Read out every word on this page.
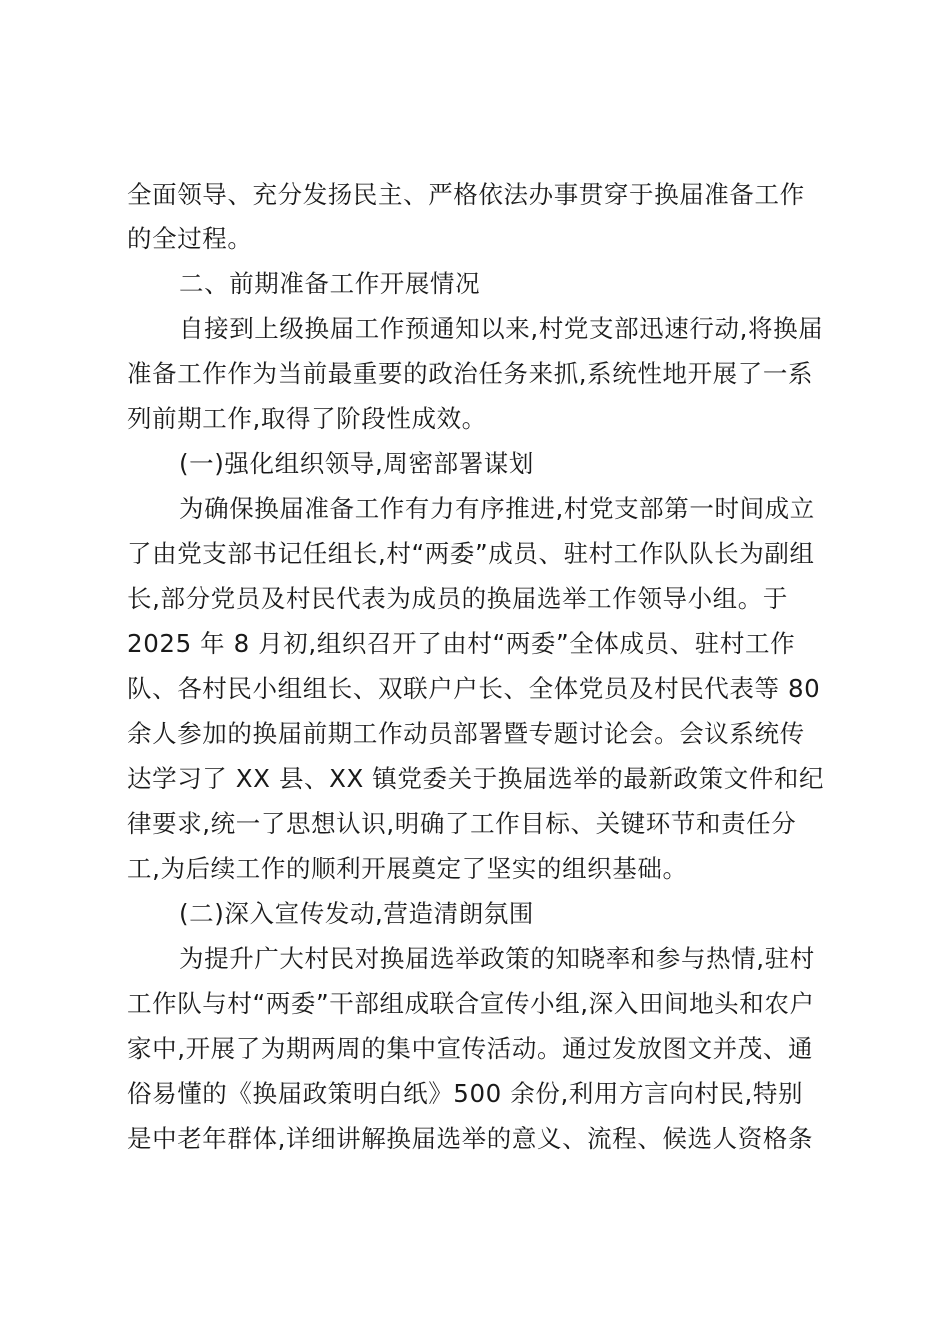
全面领导、充分发扬民主、严格依法办事贯穿于换届准备工作
的全过程。
二、前期准备工作开展情况
自接到上级换届工作预通知以来,村党支部迅速行动,将换届
准备工作作为当前最重要的政治任务来抓,系统性地开展了一系
列前期工作,取得了阶段性成效。
(一)强化组织领导,周密部署谋划
为确保换届准备工作有力有序推进,村党支部第一时间成立
了由党支部书记任组长,村“两委”成员、驻村工作队队长为副组
长,部分党员及村民代表为成员的换届选举工作领导小组。于
2025 年 8 月初,组织召开了由村“两委”全体成员、驻村工作
队、各村民小组组长、双联户户长、全体党员及村民代表等 80
余人参加的换届前期工作动员部署暨专题讨论会。会议系统传
达学习了 XX 县、XX 镇党委关于换届选举的最新政策文件和纪
律要求,统一了思想认识,明确了工作目标、关键环节和责任分
工,为后续工作的顺利开展奠定了坚实的组织基础。
(二)深入宣传发动,营造清朗氛围
为提升广大村民对换届选举政策的知晓率和参与热情,驻村
工作队与村“两委”干部组成联合宣传小组,深入田间地头和农户
家中,开展了为期两周的集中宣传活动。通过发放图文并茂、通
俗易懂的《换届政策明白纸》500 余份,利用方言向村民,特别
是中老年群体,详细讲解换届选举的意义、流程、候选人资格条
